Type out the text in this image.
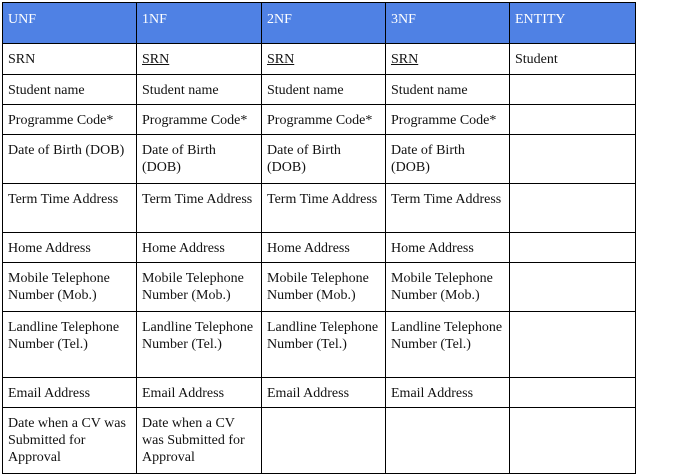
UNF	1NF	2NF	3NF	ENTITY
SRN	SRN	SRN	SRN	Student
Student name	Student name	Student name	Student name	
Programme Code*	Programme Code*	Programme Code*	Programme Code*	
Date of Birth (DOB)	Date of Birth (DOB)	Date of Birth (DOB)	Date of Birth (DOB)	
Term Time Address	Term Time Address	Term Time Address	Term Time Address	
Home Address	Home Address	Home Address	Home Address	
Mobile Telephone Number (Mob.)	Mobile Telephone Number (Mob.)	Mobile Telephone Number (Mob.)	Mobile Telephone Number (Mob.)	
Landline Telephone Number (Tel.)	Landline Telephone Number (Tel.)	Landline Telephone Number (Tel.)	Landline Telephone Number (Tel.)	
Email Address	Email Address	Email Address	Email Address	
Date when a CV was Submitted for Approval	Date when a CV was Submitted for Approval			
